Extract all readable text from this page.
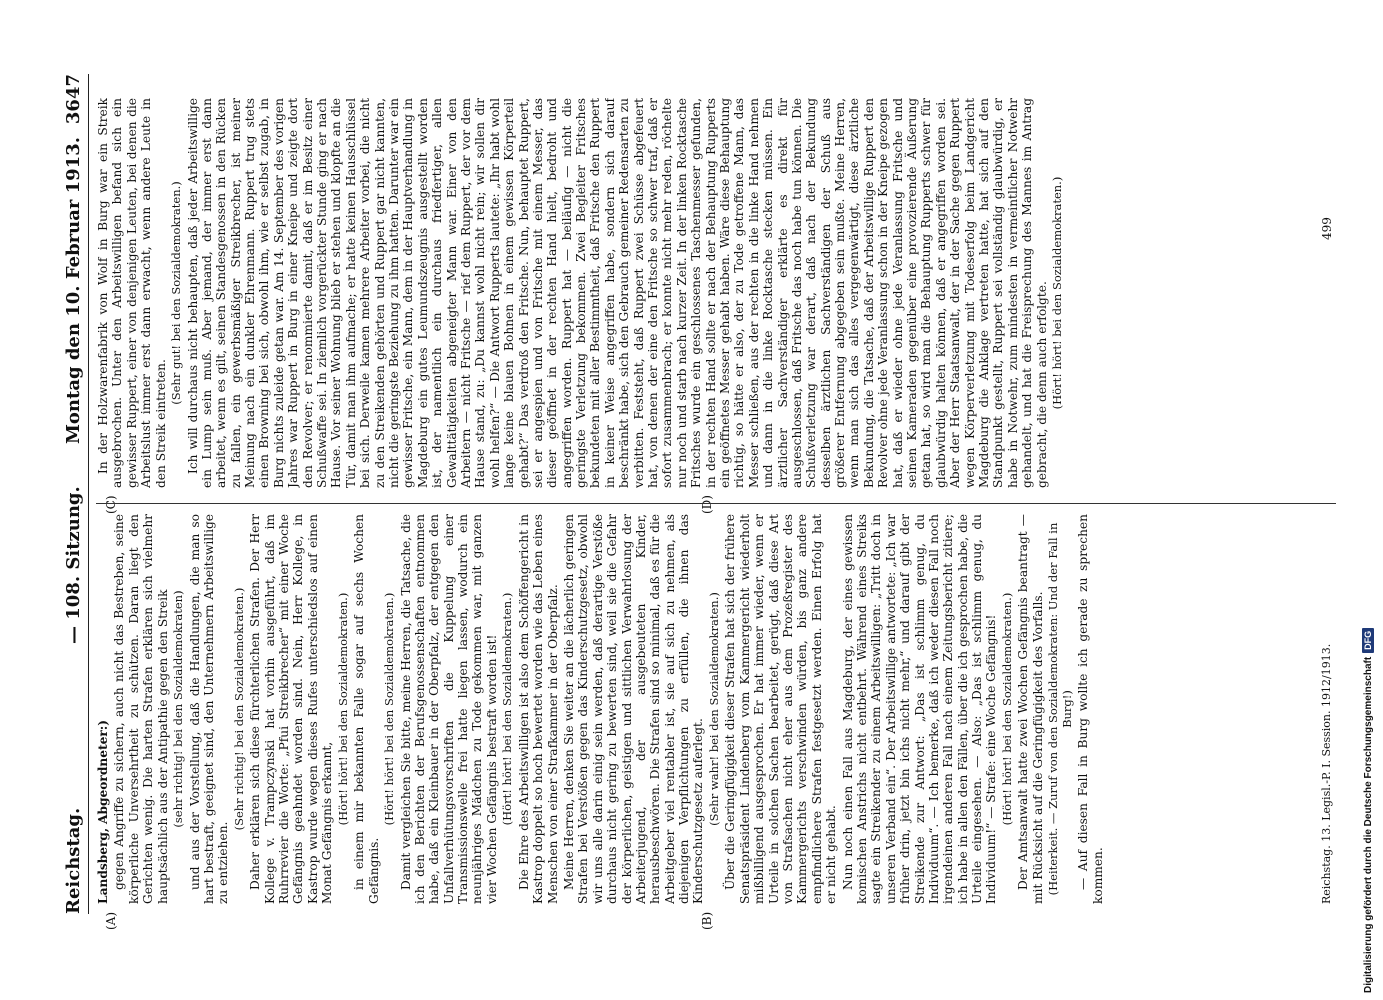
Reichstag.
— 108. Sitzung.
Montag den 10. Februar 1913.
3647
(A)	(B)
(C)	(D)

Landsberg, Abgeordneter:) gegen Angriffe zu sichern, auch nicht das Bestreben, seine körperliche Unversehrtheit zu schützen. Daran liegt den Gerichten wenig. Die harten Strafen erklären sich vielmehr hauptsächlich aus der Antipathie gegen den Streik (sehr richtig! bei den Sozialdemokraten) und aus der Vorstellung, daß die Handlungen, die man so hart bestraft, geeignet sind, den Unternehmern Arbeitswillige zu entziehen.

(Sehr richtig! bei den Sozialdemokraten.) Daher erklären sich diese fürchterlichen Strafen. Der Herr Kollege v. Trampczynski hat vorhin ausgeführt, daß im Ruhrrevier die Worte: „Pfui Streikbrecher“ mit einer Woche Gefängnis geahndet worden sind. Nein, Herr Kollege, in Kastrop wurde wegen dieses Rufes unterschiedslos auf einen Monat Gefängnis erkannt, (Hört! hört! bei den Sozialdemokraten.) in einem mir bekannten Falle sogar auf sechs Wochen Gefängnis.

(Hört! hört! bei den Sozialdemokraten.) Damit vergleichen Sie bitte, meine Herren, die Tatsache, die ich den Berichten der Berufsgenossenschaften entnommen habe, daß ein Kleinbauer in der Oberpfalz, der entgegen den Unfallverhütungsvorschriften die Kuppelung einer Transmissionswelle frei hatte liegen lassen, wodurch ein neunjähriges Mädchen zu Tode gekommen war, mit ganzen vier Wochen Gefängnis bestraft worden ist! (Hört! hört! bei den Sozialdemokraten.) Die Ehre des Arbeitswilligen ist also dem Schöffengericht in Kastrop doppelt so hoch bewertet worden wie das Leben eines Menschen von einer Strafkammer in der Oberpfalz. Meine Herren, denken Sie weiter an die lächerlich geringen Strafen bei Verstößen gegen das Kinderschutzgesetz, obwohl wir uns alle darin einig sein werden, daß derartige Verstöße durchaus nicht gering zu bewerten sind, weil sie die Gefahr der körperlichen, geistigen und sittlichen Verwahrlosung der Arbeiterjugend, der ausgebeuteten Kinder, herausbeschwören. Die Strafen sind so minimal, daß es für die Arbeitgeber viel rentabler ist, sie auf sich zu nehmen, als diejenigen Verpflichtungen zu erfüllen, die ihnen das Kinderschutzgesetz auferlegt. (Sehr wahr! bei den Sozialdemokraten.) Über die Geringfügigkeit dieser Strafen hat sich der frühere Senatspräsident Lindenberg vom Kammergericht wiederholt mißbilligend ausgesprochen. Er hat immer wieder, wenn er Urteile in solchen Sachen bearbeitet, gerügt, daß diese Art von Strafsachen nicht eher aus dem Prozeßregister des Kammergerichts verschwinden würden, bis ganz andere empfindlichere Strafen festgesetzt werden. Einen Erfolg hat er nicht gehabt. Nun noch einen Fall aus Magdeburg, der eines gewissen komischen Anstrichs nicht entbehrt. Während eines Streiks sagte ein Streikender zu einem Arbeitswilligen: „Tritt doch in unseren Verband ein“. Der Arbeitswillige antwortete: „Ich war früher drin, jetzt bin ichs nicht mehr,“ und darauf gibt der Streikende zur Antwort: „Das ist schlimm genug, du Individuum“. — Ich bemerke, daß ich weder diesen Fall noch irgendeinen anderen Fall nach einem Zeitungsbericht zitiere; ich habe in allen den Fällen, über die ich gesprochen habe, die Urteile eingesehen. — Also: „Das ist schlimm genug, du Individuum!“ — Strafe: eine Woche Gefängnis! (Hört! hört! bei den Sozialdemokraten.) Der Amtsanwalt hatte zwei Wochen Gefängnis beantragt — mit Rücksicht auf die Geringfügigkeit des Vorfalls. (Heiterkeit. — Zuruf von den Sozialdemokraten: Und der Fall in Burg!) — Auf diesen Fall in Burg wollte ich gerade zu sprechen kommen.

In der Holzwarenfabrik von Wolf in Burg war ein Streik ausgebrochen. Unter den Arbeitswilligen befand sich ein gewisser Ruppert, einer von denjenigen Leuten, bei denen die Arbeitslust immer erst dann erwacht, wenn andere Leute in den Streik eintreten.

(Sehr gut! bei den Sozialdemokraten.) Ich will durchaus nicht behaupten, daß jeder Arbeitswillige ein Lump sein muß. Aber jemand, der immer erst dann arbeitet, wenn es gilt, seinen Standesgenossen in den Rücken zu fallen, ein gewerbsmäßiger Streikbrecher, ist meiner Meinung nach ein dunkler Ehrenmann. Ruppert trug stets einen Browning bei sich, obwohl ihm, wie er selbst zugab, in Burg nichts zuleide getan war. Am 14. September des vorigen Jahres war Ruppert in Burg in einer Kneipe und zeigte dort den Revolver; er renommierte damit, daß er im Besitz einer Schußwaffe sei. In ziemlich vorgerückter Stunde ging er nach Hause. Vor seiner Wohnung blieb er stehen und klopfte an die Tür, damit man ihm aufmache; er hatte keinen Hausschlüssel bei sich. Derweile kamen mehrere Arbeiter vorbei, die nicht zu den Streikenden gehörten und Ruppert gar nicht kannten, nicht die geringste Beziehung zu ihm hatten. Darunter war ein gewisser Fritsche, ein Mann, dem in der Hauptverhandlung in Magdeburg ein gutes Leumundszeugnis ausgestellt worden ist, der namentlich ein durchaus friedfertiger, allen Gewalttätigkeiten abgeneigter Mann war. Einer von den Arbeitern — nicht Fritsche — rief dem Ruppert, der vor dem Hause stand, zu: „Du kannst wohl nicht rein; wir sollen dir wohl helfen?“ — Die Antwort Rupperts lautete: „Ihr habt wohl lange keine blauen Bohnen in einem gewissen Körperteil gehabt?“ Das verdroß den Fritsche. Nun, behauptet Ruppert, sei er angespien und von Fritsche mit einem Messer, das dieser geöffnet in der rechten Hand hielt, bedroht und angegriffen worden. Ruppert hat — beiläufig — nicht die geringste Verletzung bekommen. Zwei Begleiter Fritsches bekundeten mit aller Bestimmtheit, daß Fritsche den Ruppert in keiner Weise angegriffen habe, sondern sich darauf beschränkt habe, sich den Gebrauch gemeiner Redensarten zu verbitten. Feststeht, daß Ruppert zwei Schüsse abgefeuert hat, von denen der eine den Fritsche so schwer traf, daß er sofort zusammenbrach; er konnte nicht mehr reden, röchelte nur noch und starb nach kurzer Zeit. In der linken Rocktasche Fritsches wurde ein geschlossenes Taschenmesser gefunden, in der rechten Hand sollte er nach der Behauptung Rupperts ein geöffnetes Messer gehabt haben. Wäre diese Behauptung richtig, so hätte er also, der zu Tode getroffene Mann, das Messer schließen, aus der rechten in die linke Hand nehmen und dann in die linke Rocktasche stecken müssen. Ein ärztlicher Sachverständiger erklärte es direkt für ausgeschlossen, daß Fritsche das noch habe tun können. Die Schußverletzung war derart, daß nach der Bekundung desselben ärztlichen Sachverständigen der Schuß aus größerer Entfernung abgegeben sein mußte. Meine Herren, wenn man sich das alles vergegenwärtigt, diese ärztliche Bekundung, die Tatsache, daß der Arbeitswillige Ruppert den Revolver ohne jede Veranlassung schon in der Kneipe gezogen hat, daß er wieder ohne jede Veranlassung Fritsche und seinen Kameraden gegenüber eine provozierende Äußerung getan hat, so wird man die Behauptung Rupperts schwer für glaubwürdig halten können, daß er angegriffen worden sei. Aber der Herr Staatsanwalt, der in der Sache gegen Ruppert wegen Körperverletzung mit Todeserfolg beim Landgericht Magdeburg die Anklage vertreten hatte, hat sich auf den Standpunkt gestellt, Ruppert sei vollständig glaubwürdig, er habe in Notwehr, zum mindesten in vermeintlicher Notwehr gehandelt, und hat die Freisprechung des Mannes im Antrag gebracht, die denn auch erfolgte. (Hört! hört! bei den Sozialdemokraten.)

Reichstag. 13. Legisl.-P. I. Session. 1912/1913.
499
Digitalisierung gefördert durch die Deutsche Forschungsgemeinschaft
DFG
